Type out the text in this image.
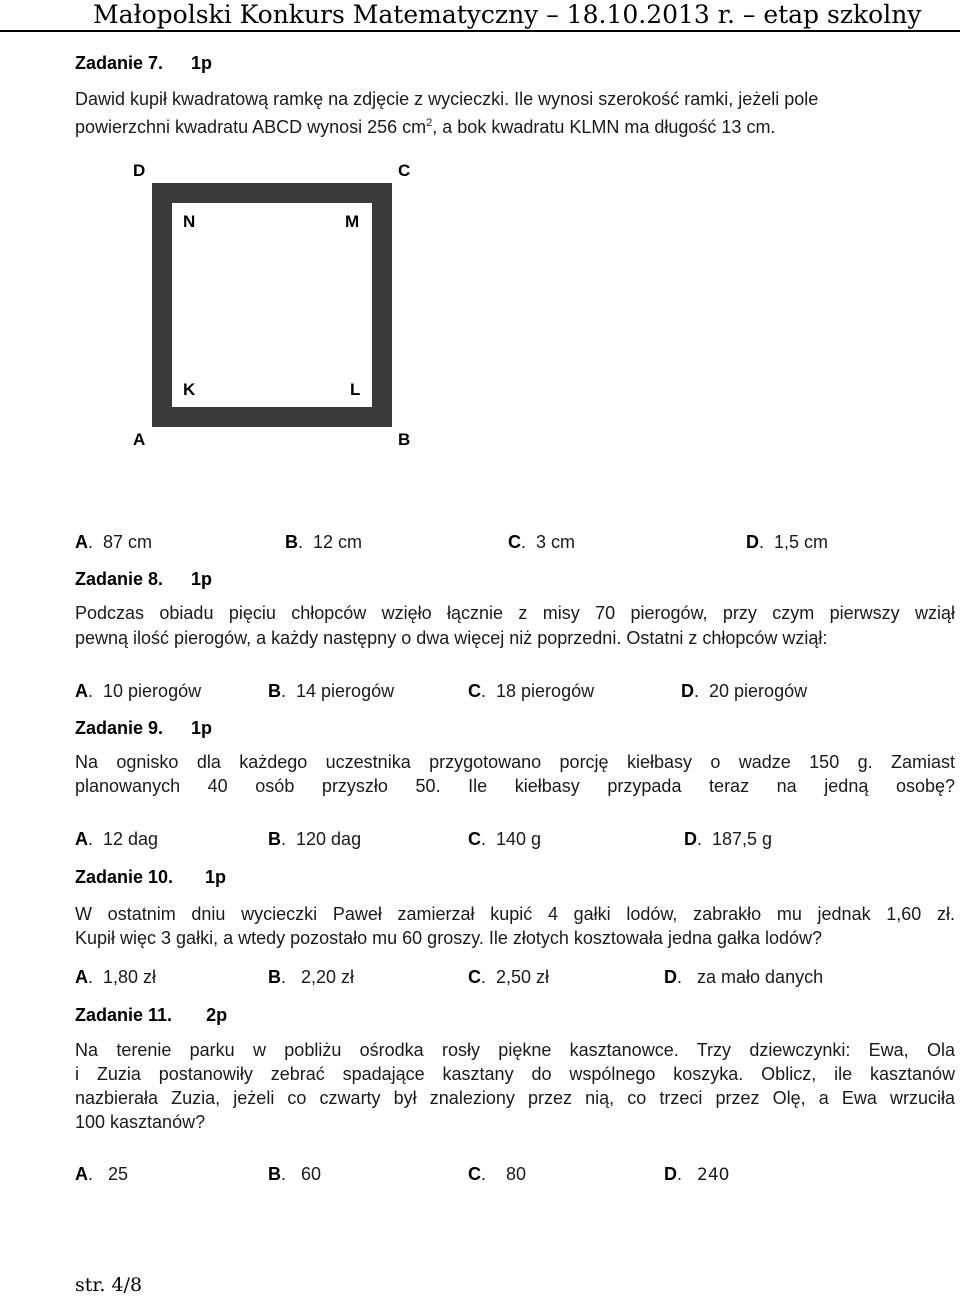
Małopolski Konkurs Matematyczny – 18.10.2013 r. – etap szkolny
Zadanie 7. 1p
Dawid kupił kwadratową ramkę na zdjęcie z wycieczki. Ile wynosi szerokość ramki, jeżeli pole
powierzchni kwadratu ABCD wynosi 256 $cm^2$, a bok kwadratu KLMN ma długość 13 cm.
D	C
A	B
N	M
K	L
A.  87 cm	B.  12 cm	C.  3 cm	D.  1,5 cm
Zadanie 8. 1p
Podczas obiadu pięciu chłopców wzięło łącznie z misy 70 pierogów, przy czym pierwszy wziął
pewną ilość pierogów, a każdy następny o dwa więcej niż poprzedni. Ostatni z chłopców wziął:
A.  10 pierogów	B.  14 pierogów	C.  18 pierogów	D.  20 pierogów
Zadanie 9. 1p
Na ognisko dla każdego uczestnika przygotowano porcję kiełbasy o wadze 150 g. Zamiast
planowanych 40 osób przyszło 50. Ile kiełbasy przypada teraz na jedną osobę?
A.  12 dag	B.  120 dag	C.  140 g	D.  187,5 g
Zadanie 10. 1p
W ostatnim dniu wycieczki Paweł zamierzał kupić 4 gałki lodów, zabrakło mu jednak 1,60 zł.
Kupił więc 3 gałki, a wtedy pozostało mu 60 groszy. Ile złotych kosztowała jedna gałka lodów?
A.  1,80 zł	B.   2,20 zł	C.  2,50 zł	D.   za mało danych
Zadanie 11. 2p
Na terenie parku w pobliżu ośrodka rosły piękne kasztanowce. Trzy dziewczynki: Ewa, Ola
i Zuzia postanowiły zebrać spadające kasztany do wspólnego koszyka. Oblicz, ile kasztanów
nazbierała Zuzia, jeżeli co czwarty był znaleziony przez nią, co trzeci przez Olę, a Ewa wrzuciła
100 kasztanów?
A.   25	B.   60	C.    80	D.   240
str. 4/8
